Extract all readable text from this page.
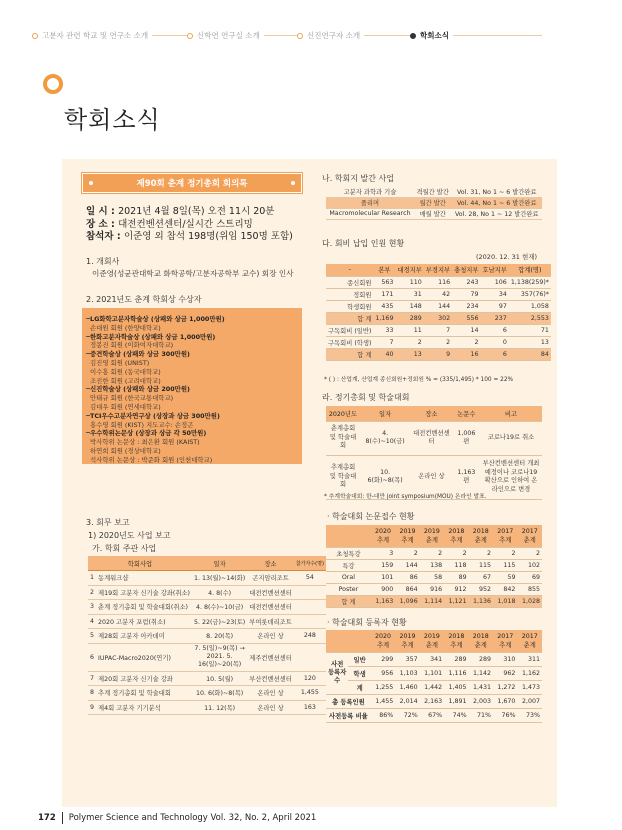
고분자 관련 학교 및 연구소 소개	신학연 연구실 소개	신진연구자 소개	학회소식
학회소식
제90회 춘계 정기총회 회의록
일 시 : 2021년 4월 8일(목) 오전 11시 20분
장 소 : 대전컨벤션센터/실시간 스트리밍
참석자 : 이준영 외 참석 198명(위임 150명 포함)
1. 개회사
이준영(성균관대학교 화학공학/고분자공학부 교수) 회장 인사
2. 2021년도 춘계 학회상 수상자
LG화학고분자학술상 (상패와 상금 1,000만원)
손대원 회원 (한양대학교)
한화고분자학술상 (상패와 상금 1,000만원)
정봉진 회원 (이화여자대학교)
중견학술상 (상패와 상금 300만원)
김진영 회원 (UNIST)
이수홍 회원 (동국대학교)
조진한 회원 (고려대학교)
신진학술상 (상패와 상금 200만원)
안태규 회원 (한국교통대학교)
김대우 회원 (연세대학교)
TCI우수고분자연구상 (상장과 상금 300만원)
홍수영 회원 (KIST) 지도교수: 손정곤
우수학위논문상 (상장과 상금 각 50만원)
박사학위 논문상 : 최은환 회원 (KAIST)
하연희 회원 (경상대학교)
석사학위 논문상 : 박준화 회원 (인천대학교)
3. 회무 보고
1) 2020년도 사업 보고
가. 학회 주관 사업
학회사업		일자	장소	참가자수(명)
1	동계워크샵	1. 13(월)~14(화)	곤지암리조트	54
2	제19회 고분자 신기술 강좌(취소)	4. 8(수)	대전컨벤션센터	
3	춘계 정기총회 및 학술대회(취소)	4. 8(수)~10(금)	대전컨벤션센터	
4	2020 고분자 포럼(취소)	5. 22(금)~23(토)	부여롯데리조트	
5	제28회 고분자 아카데미	8. 20(목)	온라인 상	248
6	IUPAC-Macro2020(연기)	7. 5(일)~9(목) → 2021. 5. 16(일)~20(목)	제주컨벤션센터	
7	제20회 고분자 신기술 강좌	10. 5(월)	부산컨벤션센터	120
8	추계 정기총회 및 학술대회	10. 6(화)~8(목)	온라인 상	1,455
9	제4회 고분자 기기분석	11. 12(목)	온라인 상	163
나. 학회지 발간 사업
고분자 과학과 기술	격월간 발간	Vol. 31, No 1 ~ 6 발간완료
폴리머	월간 발간	Vol. 44, No 1 ~ 6 발간완료
Macromolecular Research	매월 발간	Vol. 28, No 1 ~ 12 발간완료
다. 회비 납입 인원 현황
(2020. 12. 31 현재)
-	본부	대경지부	부경지부	충청지부	호남지부	합계(명)
종신회원	563	110	116	243	106	1,138(259)*
정회원	171	31	42	79	34	357(76)*
학생회원	435	148	144	234	97	1,058
합 계	1,169	289	302	556	237	2,553
구독회비 (일반)	33	11	7	14	6	71
구독회비 (학생)	7	2	2	2	0	13
합 계	40	13	9	16	6	84
* ( ) : 산업계, 산업계 종신회원+정회원 % = (335/1,495) * 100 = 22%
라. 정기총회 및 학술대회
2020년도	일자	장소	논문수	비고
춘계총회 및 학술대회	4. 8(수)~10(금)	대전컨벤션센터	1,006편	코로나19로 취소
추계총회 및 학술대회	10. 6(화)~8(목)	온라인 상	1,163편	부산컨벤션센터 개최예정이나 코로나19 확산으로 인하여 온라인으로 변경
* 추계학술대회: 한-대만 joint symposium(MOU) 온라인 발표.
· 학술대회 논문접수 현황
	2020 추계	2019 추계	2019 춘계	2018 추계	2018 춘계	2017 추계	2017 춘계
초청특강	3	2	2	2	2	2	2
특강	159	144	138	118	115	115	102
Oral	101	86	58	89	67	59	69
Poster	900	864	916	912	952	842	855
합 계	1,163	1,096	1,114	1,121	1,136	1,018	1,028
· 학술대회 등록자 현황
		2020 추계	2019 추계	2019 춘계	2018 추계	2018 춘계	2017 추계	2017 춘계
사전 등록자 수	일반	299	357	341	289	289	310	311
	학생	956	1,103	1,101	1,116	1,142	962	1,162
	계	1,255	1,460	1,442	1,405	1,431	1,272	1,473
총 등록인원		1,455	2,014	2,163	1,891	2,003	1,670	2,007
사전등록 비율		86%	72%	67%	74%	71%	76%	73%
172 Polymer Science and Technology Vol. 32, No. 2, April 2021
